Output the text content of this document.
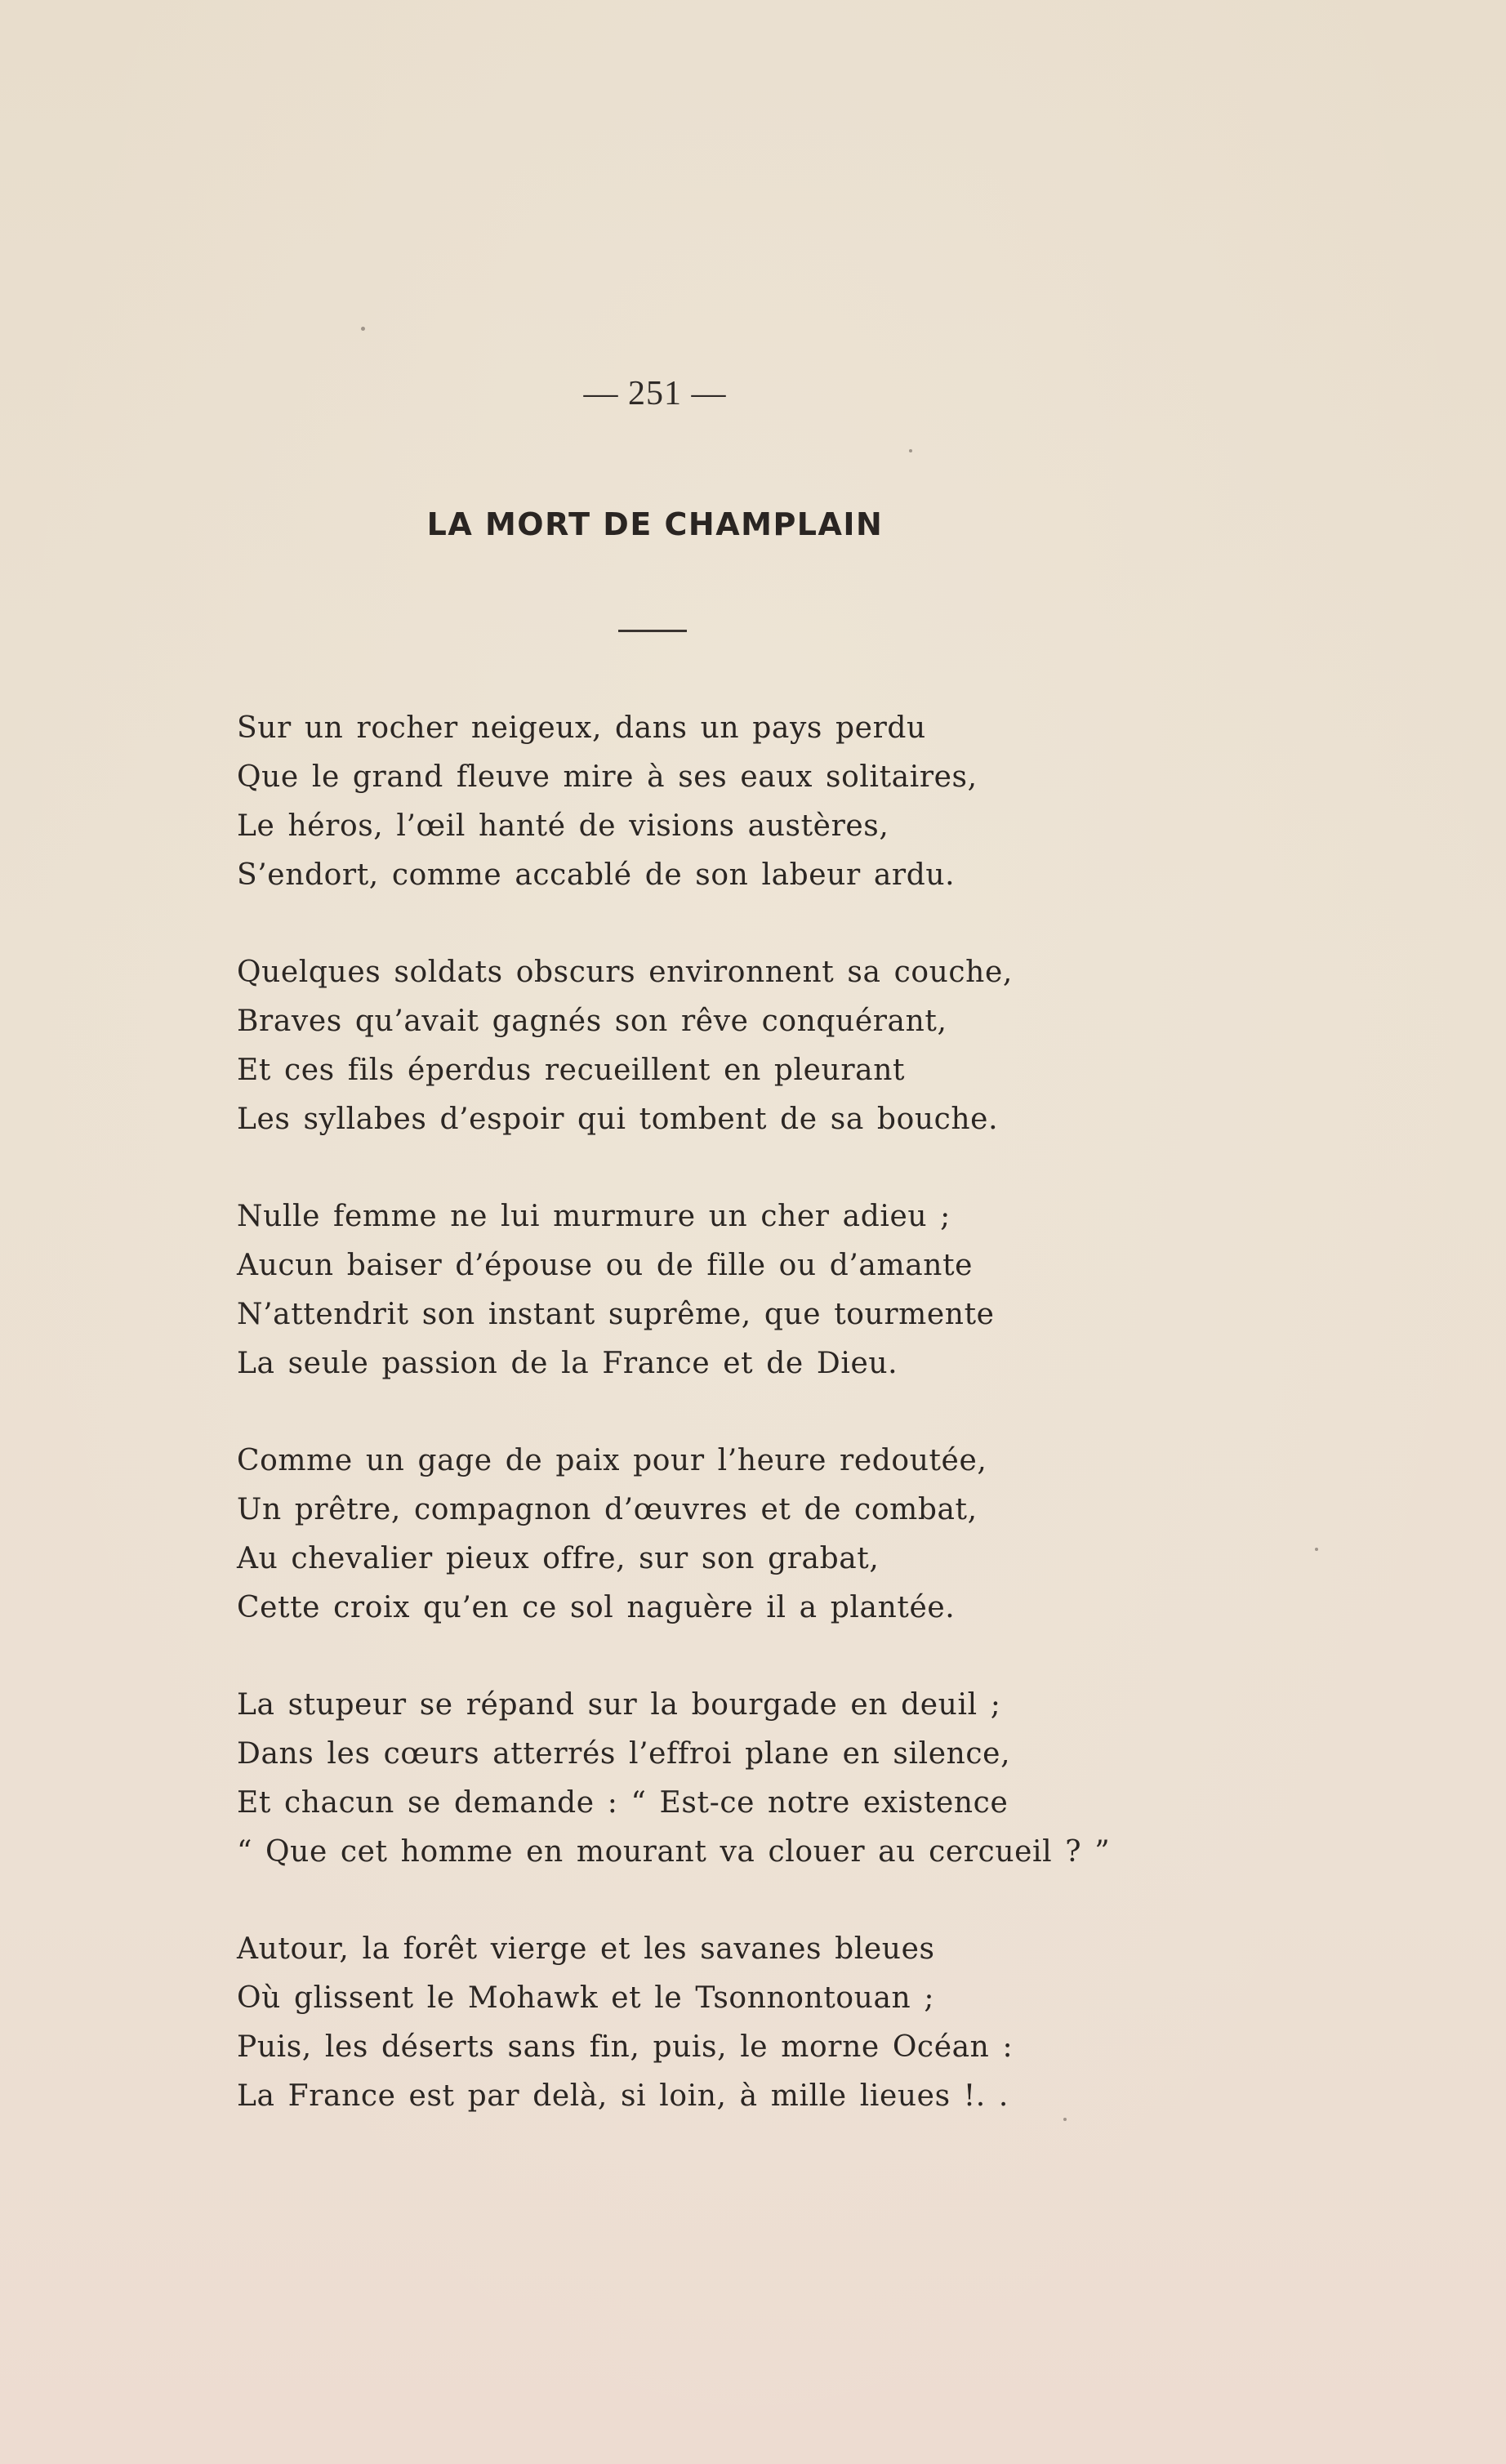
— 251 —
LA MORT DE CHAMPLAIN
Sur un rocher neigeux, dans un pays perdu
Que le grand fleuve mire à ses eaux solitaires,
Le héros, l’œil hanté de visions austères,
S’endort, comme accablé de son labeur ardu.
Quelques soldats obscurs environnent sa couche,
Braves qu’avait gagnés son rêve conquérant,
Et ces fils éperdus recueillent en pleurant
Les syllabes d’espoir qui tombent de sa bouche.
Nulle femme ne lui murmure un cher adieu ;
Aucun baiser d’épouse ou de fille ou d’amante
N’attendrit son instant suprême, que tourmente
La seule passion de la France et de Dieu.
Comme un gage de paix pour l’heure redoutée,
Un prêtre, compagnon d’œuvres et de combat,
Au chevalier pieux offre, sur son grabat,
Cette croix qu’en ce sol naguère il a plantée.
La stupeur se répand sur la bourgade en deuil ;
Dans les cœurs atterrés l’effroi plane en silence,
Et chacun se demande : “ Est-ce notre existence
“ Que cet homme en mourant va clouer au cercueil ? ”
Autour, la forêt vierge et les savanes bleues
Où glissent le Mohawk et le Tsonnontouan ;
Puis, les déserts sans fin, puis, le morne Océan :
La France est par delà, si loin, à mille lieues !. .
